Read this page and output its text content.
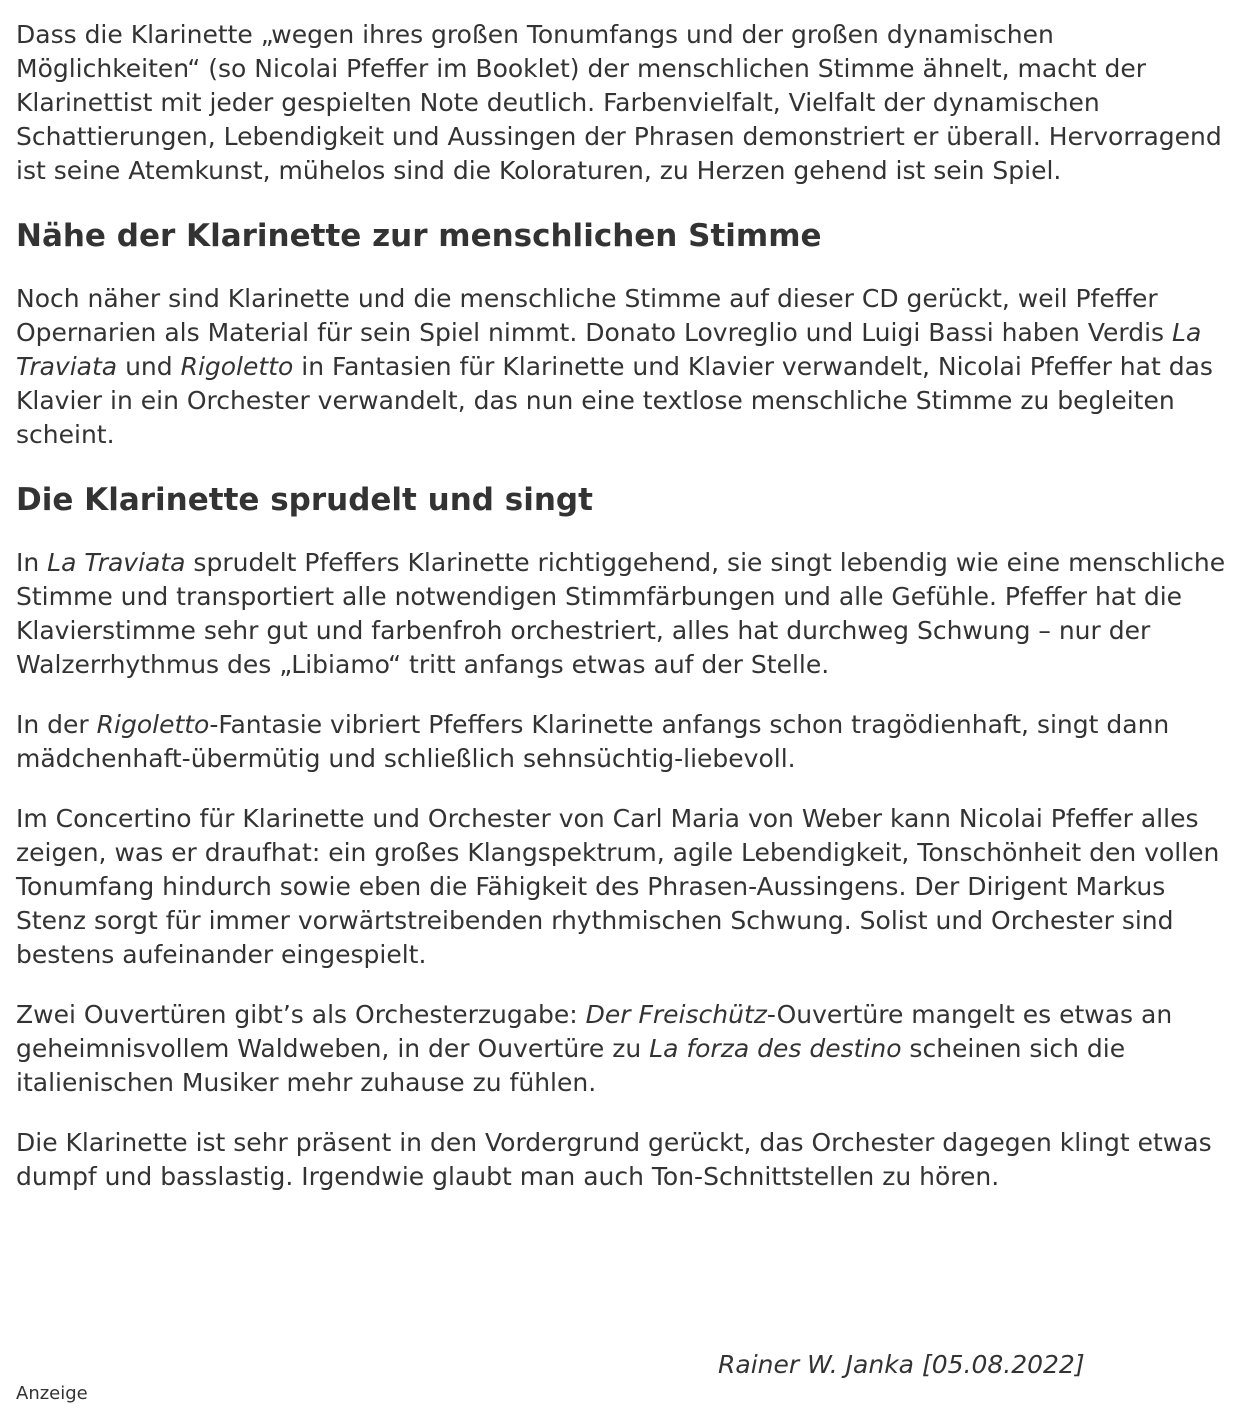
Dass die Klarinette „wegen ihres großen Tonumfangs und der großen dynamischen Möglichkeiten“ (so Nicolai Pfeffer im Booklet) der menschlichen Stimme ähnelt, macht der Klarinettist mit jeder gespielten Note deutlich. Farbenvielfalt, Vielfalt der dynamischen Schattierungen, Lebendigkeit und Aussingen der Phrasen demonstriert er überall. Hervorragend ist seine Atemkunst, mühelos sind die Koloraturen, zu Herzen gehend ist sein Spiel.

Nähe der Klarinette zur menschlichen Stimme

Noch näher sind Klarinette und die menschliche Stimme auf dieser CD gerückt, weil Pfeffer Opernarien als Material für sein Spiel nimmt. Donato Lovreglio und Luigi Bassi haben Verdis La Traviata und Rigoletto in Fantasien für Klarinette und Klavier verwandelt, Nicolai Pfeffer hat das Klavier in ein Orchester verwandelt, das nun eine textlose menschliche Stimme zu begleiten scheint.

Die Klarinette sprudelt und singt

In La Traviata sprudelt Pfeffers Klarinette richtiggehend, sie singt lebendig wie eine menschliche Stimme und transportiert alle notwendigen Stimmfärbungen und alle Gefühle. Pfeffer hat die Klavierstimme sehr gut und farbenfroh orchestriert, alles hat durchweg Schwung – nur der Walzerrhythmus des „Libiamo“ tritt anfangs etwas auf der Stelle.

In der Rigoletto-Fantasie vibriert Pfeffers Klarinette anfangs schon tragödienhaft, singt dann mädchenhaft-übermütig und schließlich sehnsüchtig-liebevoll.

Im Concertino für Klarinette und Orchester von Carl Maria von Weber kann Nicolai Pfeffer alles zeigen, was er draufhat: ein großes Klangspektrum, agile Lebendigkeit, Tonschönheit den vollen Tonumfang hindurch sowie eben die Fähigkeit des Phrasen-Aussingens. Der Dirigent Markus Stenz sorgt für immer vorwärtstreibenden rhythmischen Schwung. Solist und Orchester sind bestens aufeinander eingespielt.

Zwei Ouvertüren gibt’s als Orchesterzugabe: Der Freischütz-Ouvertüre mangelt es etwas an geheimnisvollem Waldweben, in der Ouvertüre zu La forza des destino scheinen sich die italienischen Musiker mehr zuhause zu fühlen.

Die Klarinette ist sehr präsent in den Vordergrund gerückt, das Orchester dagegen klingt etwas dumpf und basslastig. Irgendwie glaubt man auch Ton-Schnittstellen zu hören.

Rainer W. Janka [05.08.2022]
Anzeige
